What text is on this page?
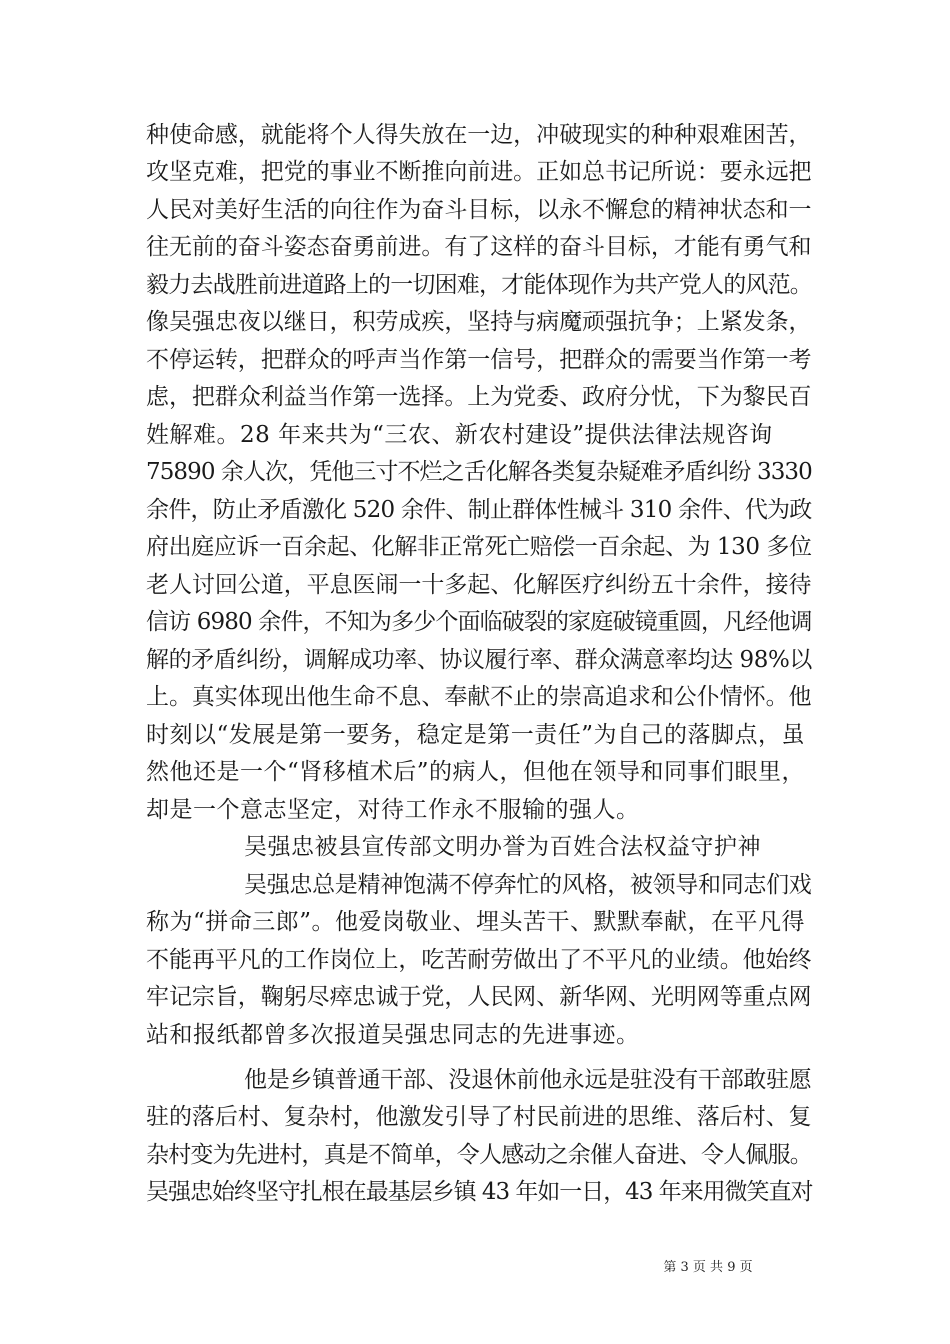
种使命感，就能将个人得失放在一边，冲破现实的种种艰难困苦，
攻坚克难，把党的事业不断推向前进。正如总书记所说：要永远把
人民对美好生活的向往作为奋斗目标，以永不懈怠的精神状态和一
往无前的奋斗姿态奋勇前进。有了这样的奋斗目标，才能有勇气和
毅力去战胜前进道路上的一切困难，才能体现作为共产党人的风范。
像吴强忠夜以继日，积劳成疾，坚持与病魔顽强抗争；上紧发条，
不停运转，把群众的呼声当作第一信号，把群众的需要当作第一考
虑，把群众利益当作第一选择。上为党委、政府分忧，下为黎民百
姓解难。28 年来共为“三农、新农村建设”提供法律法规咨询
75890 余人次，凭他三寸不烂之舌化解各类复杂疑难矛盾纠纷 3330
余件，防止矛盾激化 520 余件、制止群体性械斗 310 余件、代为政
府出庭应诉一百余起、化解非正常死亡赔偿一百余起、为 130 多位
老人讨回公道，平息医闹一十多起、化解医疗纠纷五十余件，接待
信访 6980 余件，不知为多少个面临破裂的家庭破镜重圆，凡经他调
解的矛盾纠纷，调解成功率、协议履行率、群众满意率均达 98%以
上。真实体现出他生命不息、奉献不止的崇高追求和公仆情怀。他
时刻以“发展是第一要务，稳定是第一责任”为自己的落脚点，虽
然他还是一个“肾移植术后”的病人，但他在领导和同事们眼里，
却是一个意志坚定，对待工作永不服输的强人。
吴强忠被县宣传部文明办誉为百姓合法权益守护神
吴强忠总是精神饱满不停奔忙的风格，被领导和同志们戏
称为“拼命三郎”。他爱岗敬业、埋头苦干、默默奉献，在平凡得
不能再平凡的工作岗位上，吃苦耐劳做出了不平凡的业绩。他始终
牢记宗旨，鞠躬尽瘁忠诚于党，人民网、新华网、光明网等重点网
站和报纸都曾多次报道吴强忠同志的先进事迹。
他是乡镇普通干部、没退休前他永远是驻没有干部敢驻愿
驻的落后村、复杂村，他激发引导了村民前进的思维、落后村、复
杂村变为先进村，真是不简单，令人感动之余催人奋进、令人佩服。
吴强忠始终坚守扎根在最基层乡镇 43 年如一日，43 年来用微笑直对
第 3 页 共 9 页
